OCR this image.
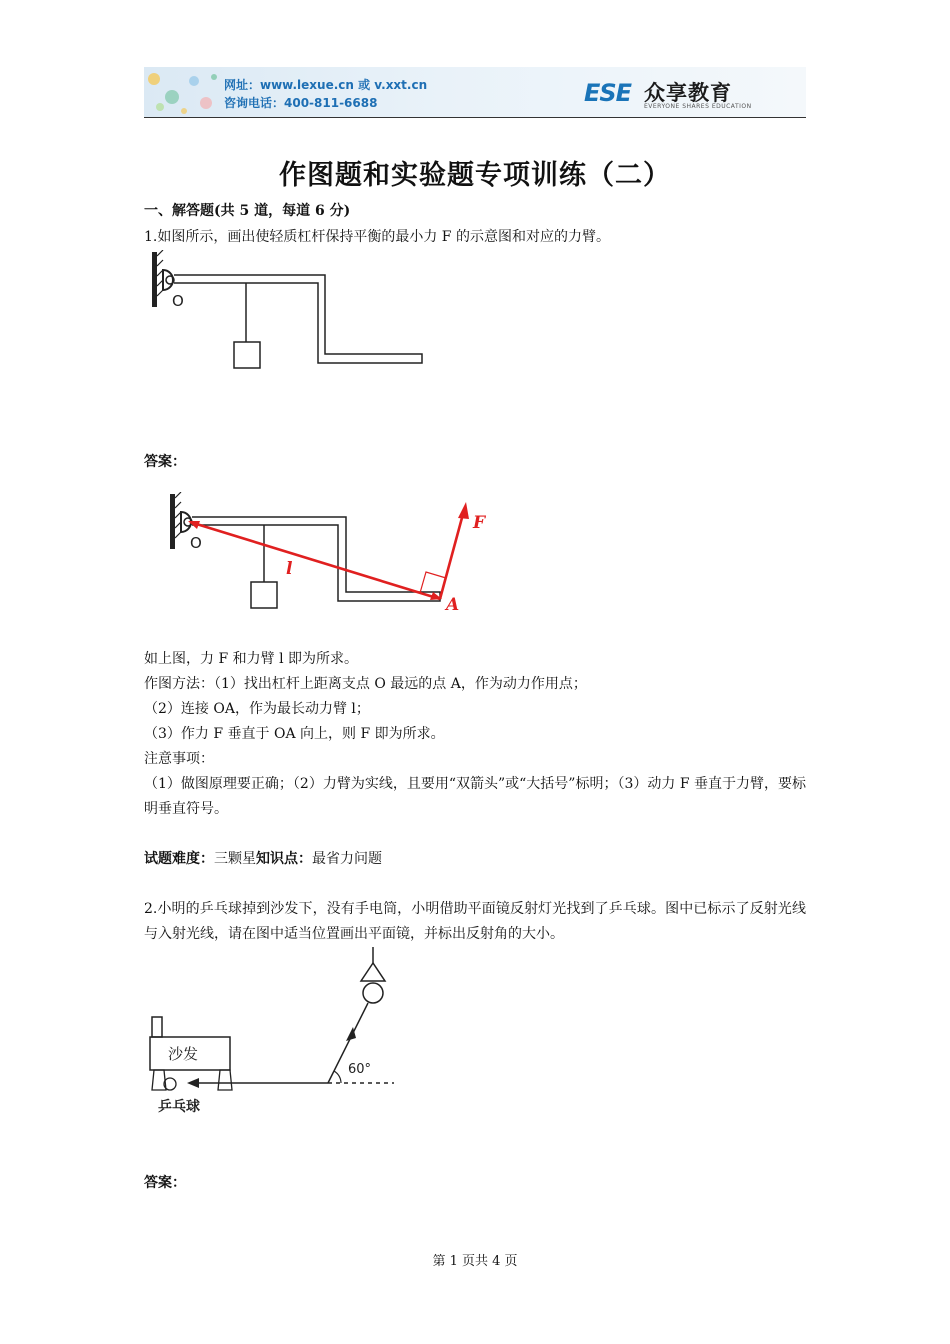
网址：www.lexue.cn 或 v.xxt.cn
咨询电话：400-811-6688	ESE 众享教育
EVERYONE SHARES EDUCATION
作图题和实验题专项训练（二）
一、解答题(共 5 道，每道 6 分)
1.如图所示，画出使轻质杠杆保持平衡的最小力 F 的示意图和对应的力臂。
O
答案：
O
F
l
A
如上图，力 F 和力臂 l 即为所求。
作图方法：（1）找出杠杆上距离支点 O 最远的点 A，作为动力作用点；
（2）连接 OA，作为最长动力臂 l；
（3）作力 F 垂直于 OA 向上，则 F 即为所求。
注意事项：
（1）做图原理要正确；（2）力臂为实线，且要用“双箭头”或“大括号”标明；（3）动力 F 垂直于力臂，要标明垂直符号。
试题难度：三颗星知识点：最省力问题
2.小明的乒乓球掉到沙发下，没有手电筒，小明借助平面镜反射灯光找到了乒乓球。图中已标示了反射光线与入射光线，请在图中适当位置画出平面镜，并标出反射角的大小。
60°
沙发
乒乓球
答案：
第 1 页共 4 页
